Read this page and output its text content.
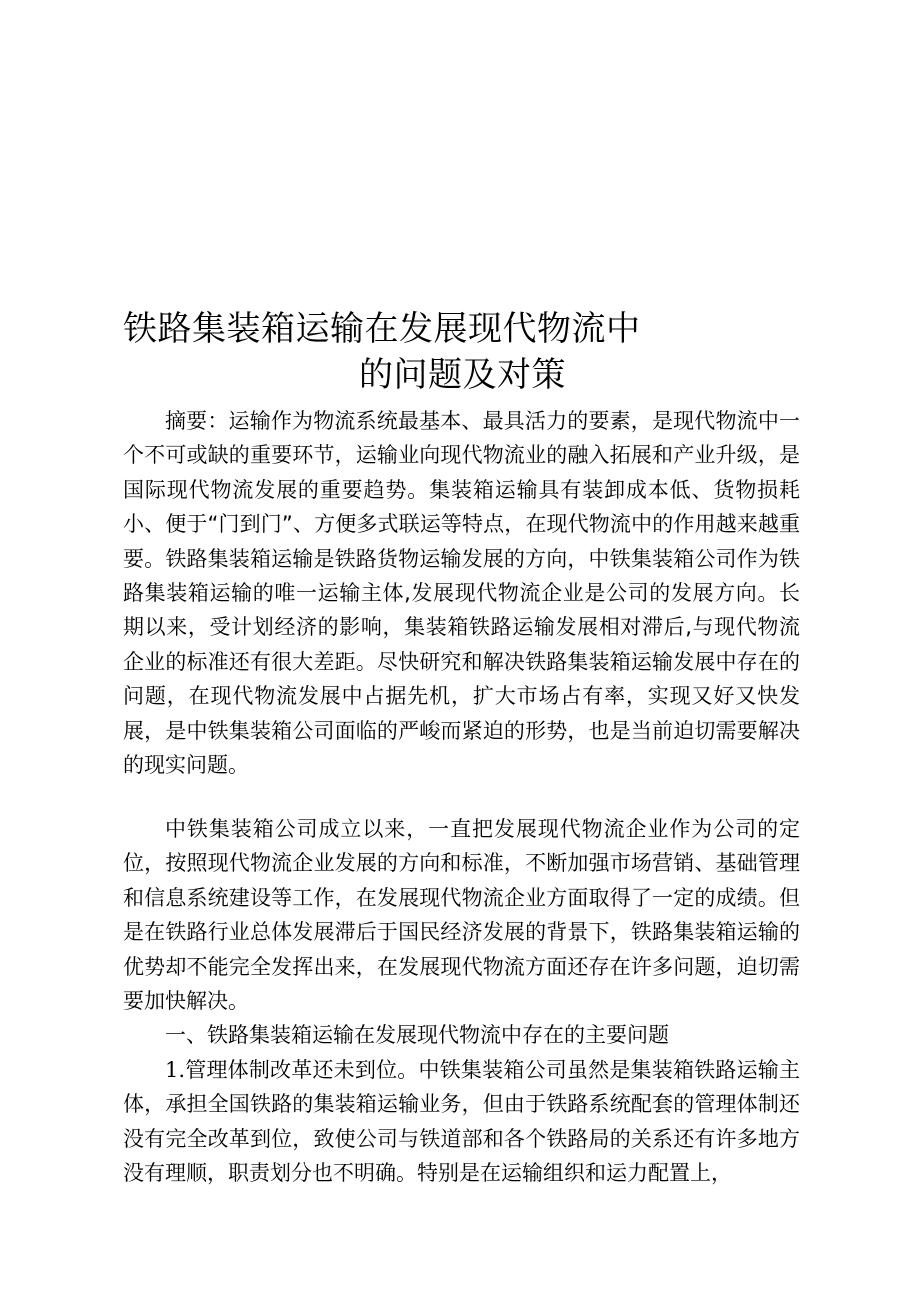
铁路集装箱运输在发展现代物流中
的问题及对策

摘要：运输作为物流系统最基本、最具活力的要素，是现代物流中一个不可或缺的重要环节，运输业向现代物流业的融入拓展和产业升级，是国际现代物流发展的重要趋势。集装箱运输具有装卸成本低、货物损耗小、便于“门到门”、方便多式联运等特点，在现代物流中的作用越来越重要。铁路集装箱运输是铁路货物运输发展的方向，中铁集装箱公司作为铁路集装箱运输的唯一运输主体,发展现代物流企业是公司的发展方向。长期以来，受计划经济的影响，集装箱铁路运输发展相对滞后,与现代物流企业的标准还有很大差距。尽快研究和解决铁路集装箱运输发展中存在的问题，在现代物流发展中占据先机，扩大市场占有率，实现又好又快发展，是中铁集装箱公司面临的严峻而紧迫的形势，也是当前迫切需要解决的现实问题。

中铁集装箱公司成立以来，一直把发展现代物流企业作为公司的定位，按照现代物流企业发展的方向和标准，不断加强市场营销、基础管理和信息系统建设等工作，在发展现代物流企业方面取得了一定的成绩。但是在铁路行业总体发展滞后于国民经济发展的背景下，铁路集装箱运输的优势却不能完全发挥出来，在发展现代物流方面还存在许多问题，迫切需要加快解决。

一、铁路集装箱运输在发展现代物流中存在的主要问题

1.管理体制改革还未到位。中铁集装箱公司虽然是集装箱铁路运输主体，承担全国铁路的集装箱运输业务，但由于铁路系统配套的管理体制还没有完全改革到位，致使公司与铁道部和各个铁路局的关系还有许多地方没有理顺，职责划分也不明确。特别是在运输组织和运力配置上，
